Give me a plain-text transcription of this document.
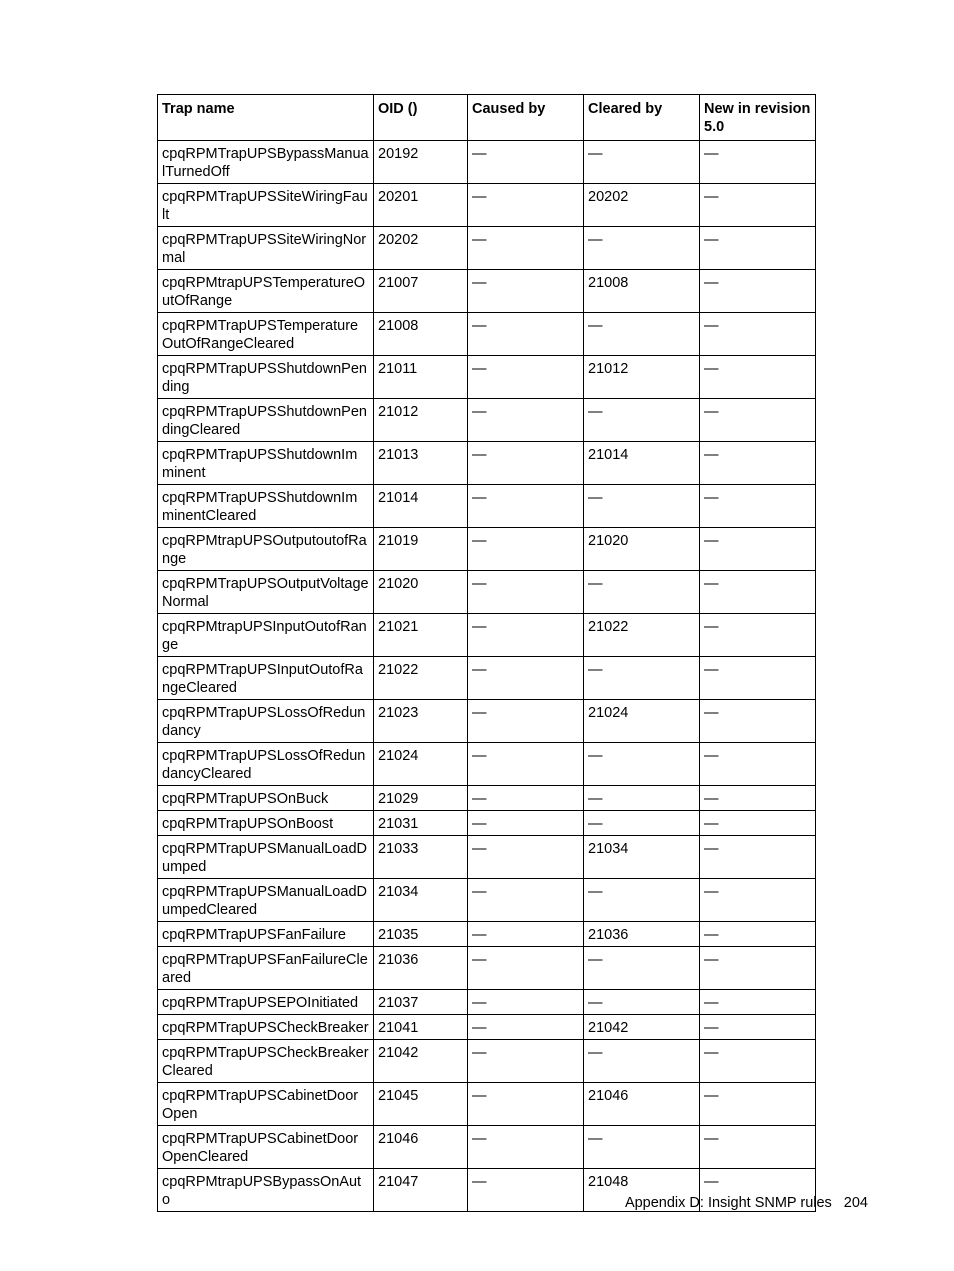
Trap name	OID ()	Caused by	Cleared by	New in revision 5.0
cpqRPMTrapUPSBypassManualTurnedOff	20192	—	—	—
cpqRPMTrapUPSSiteWiringFault	20201	—	20202	—
cpqRPMTrapUPSSiteWiringNormal	20202	—	—	—
cpqRPMtrapUPSTemperatureOutOfRange	21007	—	21008	—
cpqRPMTrapUPSTemperatureOutOfRangeCleared	21008	—	—	—
cpqRPMTrapUPSShutdownPending	21011	—	21012	—
cpqRPMTrapUPSShutdownPendingCleared	21012	—	—	—
cpqRPMTrapUPSShutdownImminent	21013	—	21014	—
cpqRPMTrapUPSShutdownImminentCleared	21014	—	—	—
cpqRPMtrapUPSOutputoutofRange	21019	—	21020	—
cpqRPMTrapUPSOutputVoltage Normal	21020	—	—	—
cpqRPMtrapUPSInputOutofRange	21021	—	21022	—
cpqRPMTrapUPSInputOutofRangeCleared	21022	—	—	—
cpqRPMTrapUPSLossOfRedundancy	21023	—	21024	—
cpqRPMTrapUPSLossOfRedundancyCleared	21024	—	—	—
cpqRPMTrapUPSOnBuck	21029	—	—	—
cpqRPMTrapUPSOnBoost	21031	—	—	—
cpqRPMTrapUPSManualLoadDumped	21033	—	21034	—
cpqRPMTrapUPSManualLoadDumpedCleared	21034	—	—	—
cpqRPMTrapUPSFanFailure	21035	—	21036	—
cpqRPMTrapUPSFanFailureCleared	21036	—	—	—
cpqRPMTrapUPSEPOInitiated	21037	—	—	—
cpqRPMTrapUPSCheckBreaker	21041	—	21042	—
cpqRPMTrapUPSCheckBreakerCleared	21042	—	—	—
cpqRPMTrapUPSCabinetDoorOpen	21045	—	21046	—
cpqRPMTrapUPSCabinetDoorOpenCleared	21046	—	—	—
cpqRPMtrapUPSBypassOnAuto	21047	—	21048	—
Appendix D: Insight SNMP rules 204
